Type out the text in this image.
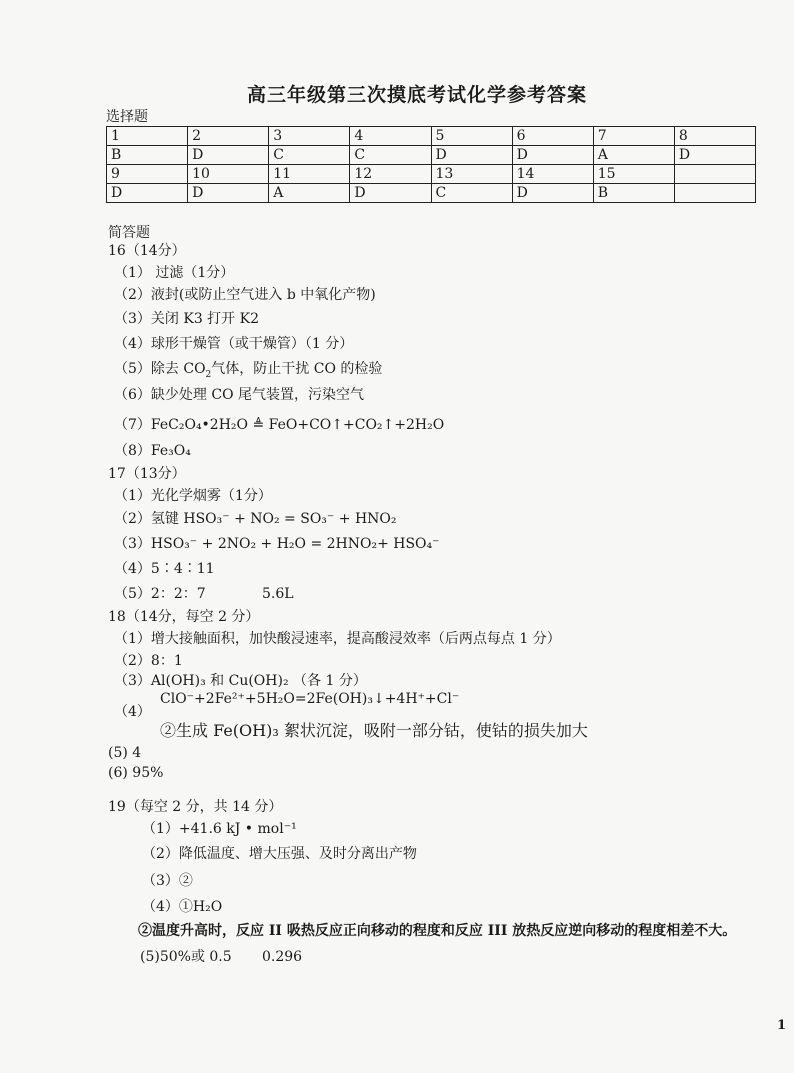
高三年级第三次摸底考试化学参考答案
选择题
1	2	3	4	5	6	7	8
B	D	C	C	D	D	A	D
9	10	11	12	13	14	15	
D	D	A	D	C	D	B	
简答题
16（14分）
（1） 过滤（1分）
（2）液封(或防止空气进入 b 中氧化产物)
（3）关闭 K3 打开 K2
（4）球形干燥管（或干燥管）（1 分）
（5）除去 $CO_2$气体，防止干扰 CO 的检验
（6）缺少处理 CO 尾气装置，污染空气
（7）FeC₂O₄•2H₂O ≜ FeO+CO↑+CO₂↑+2H₂O
（8）Fe₃O₄
17（13分）
（1）光化学烟雾（1分）
（2）氢键 HSO₃⁻ + NO₂ = SO₃⁻ + HNO₂
（3）HSO₃⁻ + 2NO₂ + H₂O = 2HNO₂+ HSO₄⁻
（4）5∶4∶11
（5）2：2：7	5.6L
18（14分，每空 2 分）
（1）增大接触面积，加快酸浸速率，提高酸浸效率（后两点每点 1 分）
（2）8：1
（3）Al(OH)₃ 和 Cu(OH)₂ （各 1 分）
（4）
ClO⁻+2Fe²⁺+5H₂O=2Fe(OH)₃↓+4H⁺+Cl⁻
②生成 Fe(OH)₃ 絮状沉淀，吸附一部分钴，使钴的损失加大
(5) 4
(6) 95%
19（每空 2 分，共 14 分）
（1）+41.6 kJ • mol⁻¹
（2）降低温度、增大压强、及时分离出产物
（3）②
（4）①H₂O
②温度升高时，反应 II 吸热反应正向移动的程度和反应 III 放热反应逆向移动的程度相差不大。
(5)50%或 0.5 0.296
1
